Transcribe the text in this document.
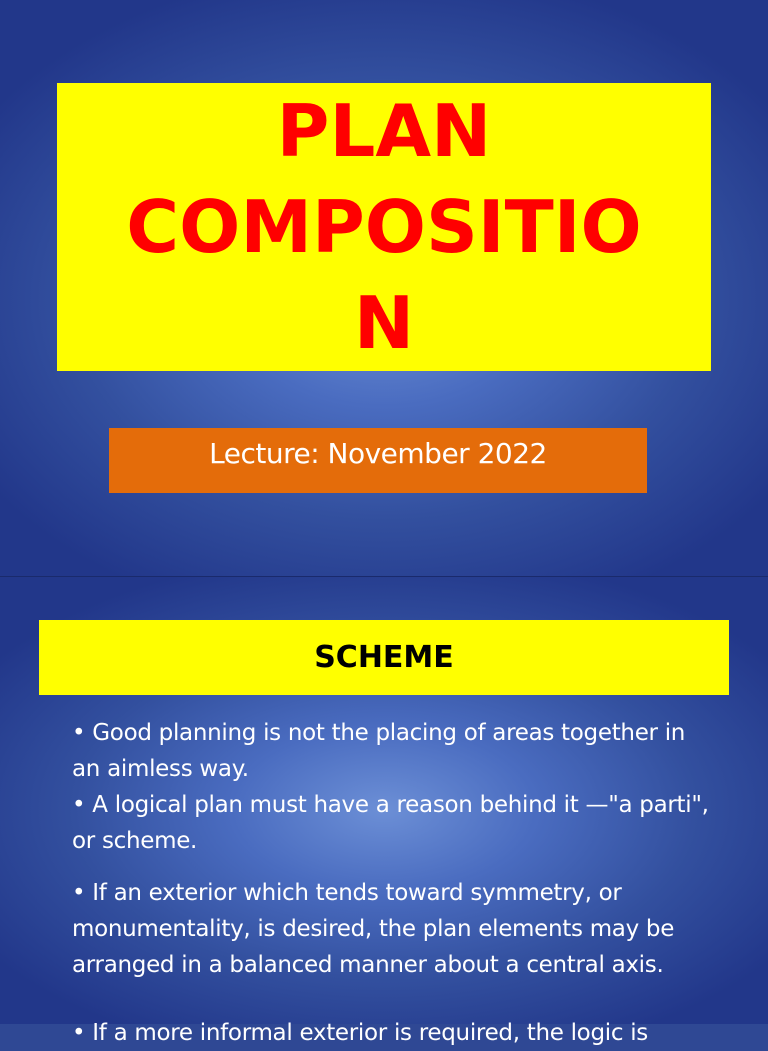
PLAN
COMPOSITIO
N
Lecture: November 2022
SCHEME

• Good planning is not the placing of areas together in an aimless way.

• A logical plan must have a reason behind it —"a parti", or scheme.

• If an exterior which tends toward symmetry, or monumentality, is desired, the plan elements may be arranged in a balanced manner about a central axis.

• If a more informal exterior is required, the logic is
